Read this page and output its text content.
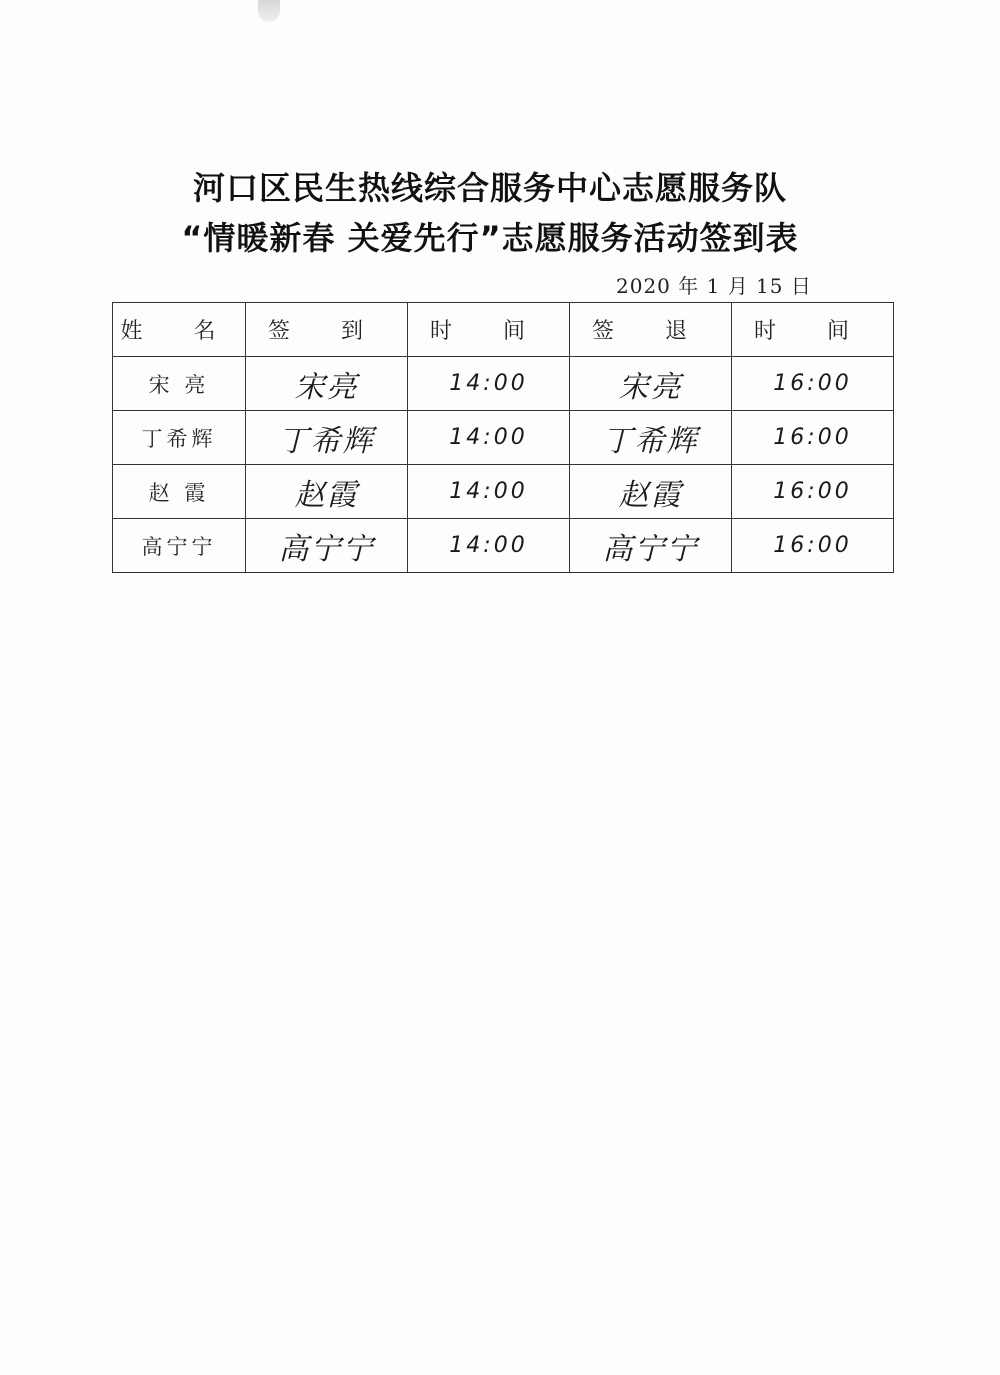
河口区民生热线综合服务中心志愿服务队
“情暖新春 关爱先行”志愿服务活动签到表
2020 年 1 月 15 日
姓 名	签 到	时 间	签 退	时 间
宋 亮	宋亮	14:00	宋亮	16:00
丁希辉	丁希辉	14:00	丁希辉	16:00
赵 霞	赵霞	14:00	赵霞	16:00
高宁宁	高宁宁	14:00	高宁宁	16:00
